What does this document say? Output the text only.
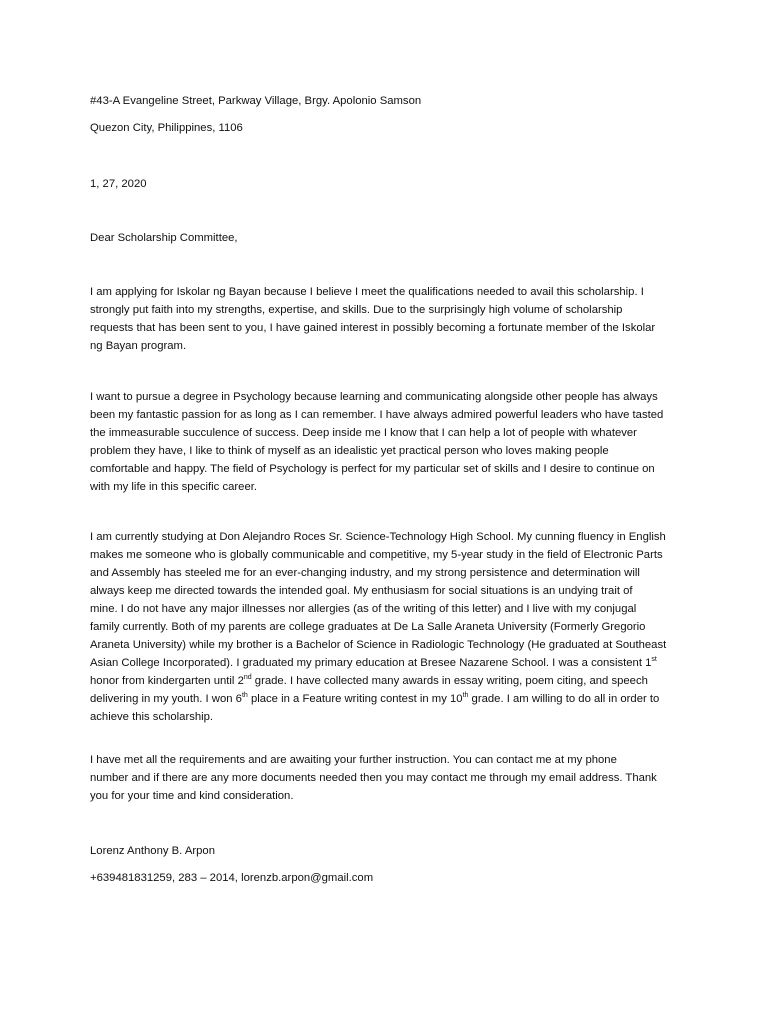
#43-A Evangeline Street, Parkway Village, Brgy. Apolonio Samson

Quezon City, Philippines, 1106

1, 27, 2020

Dear Scholarship Committee,

I am applying for Iskolar ng Bayan because I believe I meet the qualifications needed to avail this scholarship. I
strongly put faith into my strengths, expertise, and skills. Due to the surprisingly high volume of scholarship
requests that has been sent to you, I have gained interest in possibly becoming a fortunate member of the Iskolar
ng Bayan program.
I want to pursue a degree in Psychology because learning and communicating alongside other people has always
been my fantastic passion for as long as I can remember. I have always admired powerful leaders who have tasted
the immeasurable succulence of success. Deep inside me I know that I can help a lot of people with whatever
problem they have, I like to think of myself as an idealistic yet practical person who loves making people
comfortable and happy. The field of Psychology is perfect for my particular set of skills and I desire to continue on
with my life in this specific career.
I am currently studying at Don Alejandro Roces Sr. Science-Technology High School. My cunning fluency in English
makes me someone who is globally communicable and competitive, my 5-year study in the field of Electronic Parts
and Assembly has steeled me for an ever-changing industry, and my strong persistence and determination will
always keep me directed towards the intended goal. My enthusiasm for social situations is an undying trait of
mine. I do not have any major illnesses nor allergies (as of the writing of this letter) and I live with my conjugal
family currently. Both of my parents are college graduates at De La Salle Araneta University (Formerly Gregorio
Araneta University) while my brother is a Bachelor of Science in Radiologic Technology (He graduated at Southeast
Asian College Incorporated). I graduated my primary education at Bresee Nazarene School. I was a consistent 1st
honor from kindergarten until 2nd grade. I have collected many awards in essay writing, poem citing, and speech
delivering in my youth. I won 6th place in a Feature writing contest in my 10th grade. I am willing to do all in order to
achieve this scholarship.
I have met all the requirements and are awaiting your further instruction. You can contact me at my phone
number and if there are any more documents needed then you may contact me through my email address. Thank
you for your time and kind consideration.

Lorenz Anthony B. Arpon

+639481831259, 283 – 2014, lorenzb.arpon@gmail.com
